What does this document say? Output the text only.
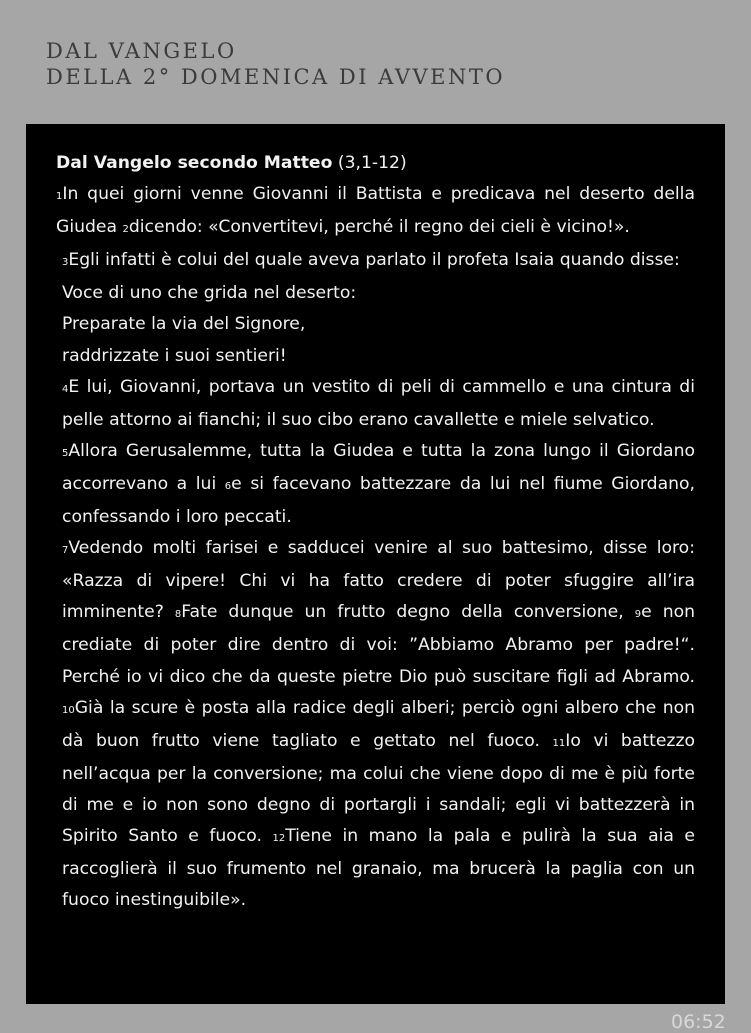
DAL VANGELO
DELLA 2° DOMENICA DI AVVENTO
Dal Vangelo secondo Matteo (3,1-12)

1In quei giorni venne Giovanni il Battista e predicava nel deserto della Giudea 2dicendo: «Convertitevi, perché il regno dei cieli è vicino!».

3Egli infatti è colui del quale aveva parlato il profeta Isaia quando disse:

Voce di uno che grida nel deserto:
Preparate la via del Signore,
raddrizzate i suoi sentieri!

4E lui, Giovanni, portava un vestito di peli di cammello e una cintura di pelle attorno ai fianchi; il suo cibo erano cavallette e miele selvatico.

5Allora Gerusalemme, tutta la Giudea e tutta la zona lungo il Giordano accorrevano a lui 6e si facevano battezzare da lui nel fiume Giordano, confessando i loro peccati.

7Vedendo molti farisei e sadducei venire al suo battesimo, disse loro: «Razza di vipere! Chi vi ha fatto credere di poter sfuggire all’ira imminente? 8Fate dunque un frutto degno della conversione, 9e non crediate di poter dire dentro di voi: ”Abbiamo Abramo per padre!“. Perché io vi dico che da queste pietre Dio può suscitare figli ad Abramo. 10Già la scure è posta alla radice degli alberi; perciò ogni albero che non dà buon frutto viene tagliato e gettato nel fuoco. 11Io vi battezzo nell’acqua per la conversione; ma colui che viene dopo di me è più forte di me e io non sono degno di portargli i sandali; egli vi battezzerà in Spirito Santo e fuoco. 12Tiene in mano la pala e pulirà la sua aia e raccoglierà il suo frumento nel granaio, ma brucerà la paglia con un fuoco inestinguibile».

06:52
